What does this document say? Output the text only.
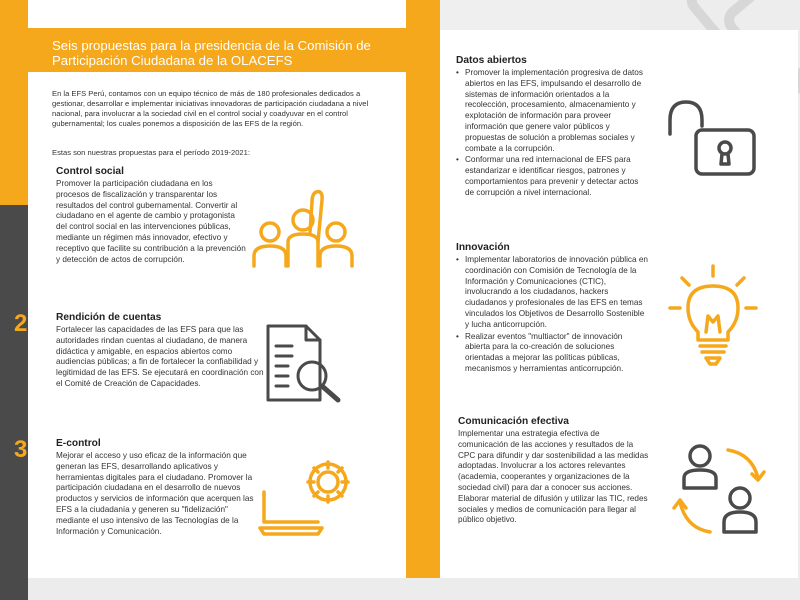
Seis propuestas para la presidencia de la Comisión de Participación Ciudadana de la OLACEFS
En la EFS Perú, contamos con un equipo técnico de más de 180 profesionales dedicados a gestionar, desarrollar e implementar iniciativas innovadoras de participación ciudadana a nivel nacional, para involucrar a la sociedad civil en el control social y coadyuvar en el control gubernamental; los cuales ponemos a disposición de las EFS de la región.
Estas son nuestras propuestas para el período 2019-2021:
1	Control social
Promover la participación ciudadana en los procesos de fiscalización y transparentar los resultados del control gubernamental. Convertir al ciudadano en el agente de cambio y protagonista del control social en las intervenciones públicas, mediante un régimen más innovador, efectivo y receptivo que facilite su contribución a la prevención y detección de actos de corrupción.
2	Rendición de cuentas
Fortalecer las capacidades de las EFS para que las autoridades rindan cuentas al ciudadano, de manera didáctica y amigable, en espacios abiertos como audiencias públicas; a fin de fortalecer la confiabilidad y legitimidad de las EFS. Se ejecutará en coordinación con el Comité de Creación de Capacidades.
3	E-control
Mejorar el acceso y uso eficaz de la información que generan las EFS, desarrollando aplicativos y herramientas digitales para el ciudadano. Promover la participación ciudadana en el desarrollo de nuevos productos y servicios de información que acerquen las EFS a la ciudadanía y generen su "fidelización" mediante el uso intensivo de las Tecnologías de la Información y Comunicación.
4 Datos abiertos
• Promover la implementación progresiva de datos abiertos en las EFS, impulsando el desarrollo de sistemas de información orientados a la recolección, procesamiento, almacenamiento y explotación de información para proveer información que genere valor públicos y propuestas de solución a problemas sociales y combate a la corrupción.
• Conformar una red internacional de EFS para estandarizar e identificar riesgos, patrones y comportamientos para prevenir y detectar actos de corrupción a nivel internacional.
5 Innovación
• Implementar laboratorios de innovación pública en coordinación con Comisión de Tecnología de la Información y Comunicaciones (CTIC), involucrando a los ciudadanos, hackers ciudadanos y profesionales de las EFS en temas vinculados los Objetivos de Desarrollo Sostenible y lucha anticorrupción.
• Realizar eventos "multiactor" de innovación abierta para la co-creación de soluciones orientadas a mejorar las políticas públicas, mecanismos y herramientas anticorrupción.
6 Comunicación efectiva
Implementar una estrategia efectiva de comunicación de las acciones y resultados de la CPC para difundir y dar sostenibilidad a las medidas adoptadas. Involucrar a los actores relevantes (academia, cooperantes y organizaciones de la sociedad civil) para dar a conocer sus acciones. Elaborar material de difusión y utilizar las TIC, redes sociales y medios de comunicación para llegar al público objetivo.
